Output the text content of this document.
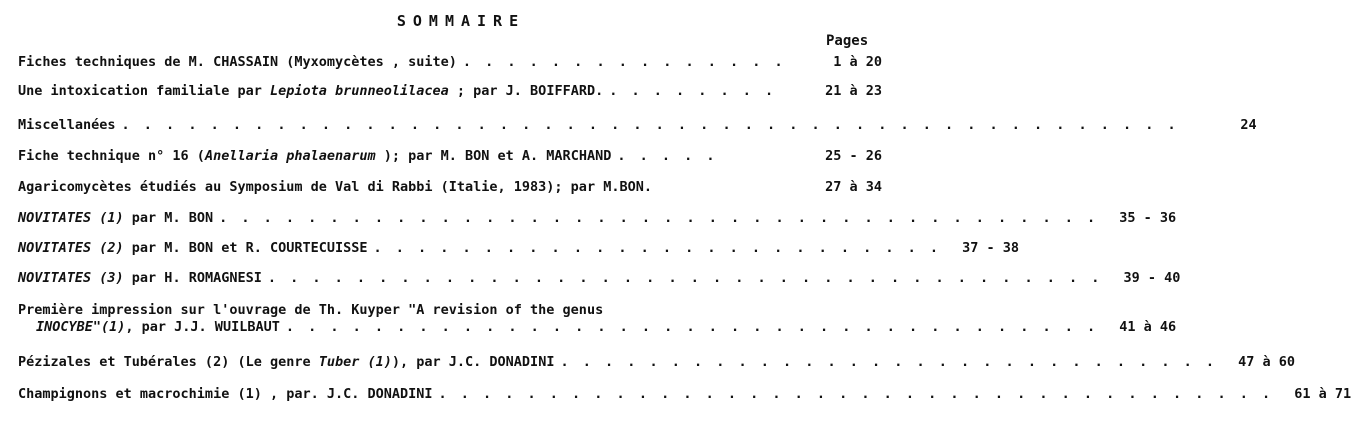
SOMMAIRE
Pages
Fiches techniques de M. CHASSAIN (Myxomycètes , suite) . . . . . . . . . . . . . . .	1 à 20
Une intoxication familiale par Lepiota brunneolilacea ; par J. BOIFFARD. . . . . . . . .	21 à 23
Miscellanées . . . . . . . . . . . . . . . . . . . . . . . . . . . . . . . . . . . . . . . . . . . . . . . .	24
Fiche technique n° 16 (Anellaria phalaenarum ); par M. BON et A. MARCHAND . . . . .	25 - 26
Agaricomycètes étudiés au Symposium de Val di Rabbi (Italie, 1983); par M.BON.	27 à 34
NOVITATES (1) par M. BON . . . . . . . . . . . . . . . . . . . . . . . . . . . . . . . . . . . . . . . .	35 - 36
NOVITATES (2) par M. BON et R. COURTECUISSE . . . . . . . . . . . . . . . . . . . . . . . . . .	37 - 38
NOVITATES (3) par H. ROMAGNESI . . . . . . . . . . . . . . . . . . . . . . . . . . . . . . . . . . . . . .	39 - 40
Première impression sur l'ouvrage de Th. Kuyper "A revision of the genus
INOCYBE"(1), par J.J. WUILBAUT . . . . . . . . . . . . . . . . . . . . . . . . . . . . . . . . . . . . .	41 à 46
Pézizales et Tubérales (2) (Le genre Tuber (1)), par J.C. DONADINI . . . . . . . . . . . . . . . . . . . . . . . . . . . . . .	47 à 60
Champignons et macrochimie (1) , par. J.C. DONADINI . . . . . . . . . . . . . . . . . . . . . . . . . . . . . . . . . . . . . .	61 à 71
